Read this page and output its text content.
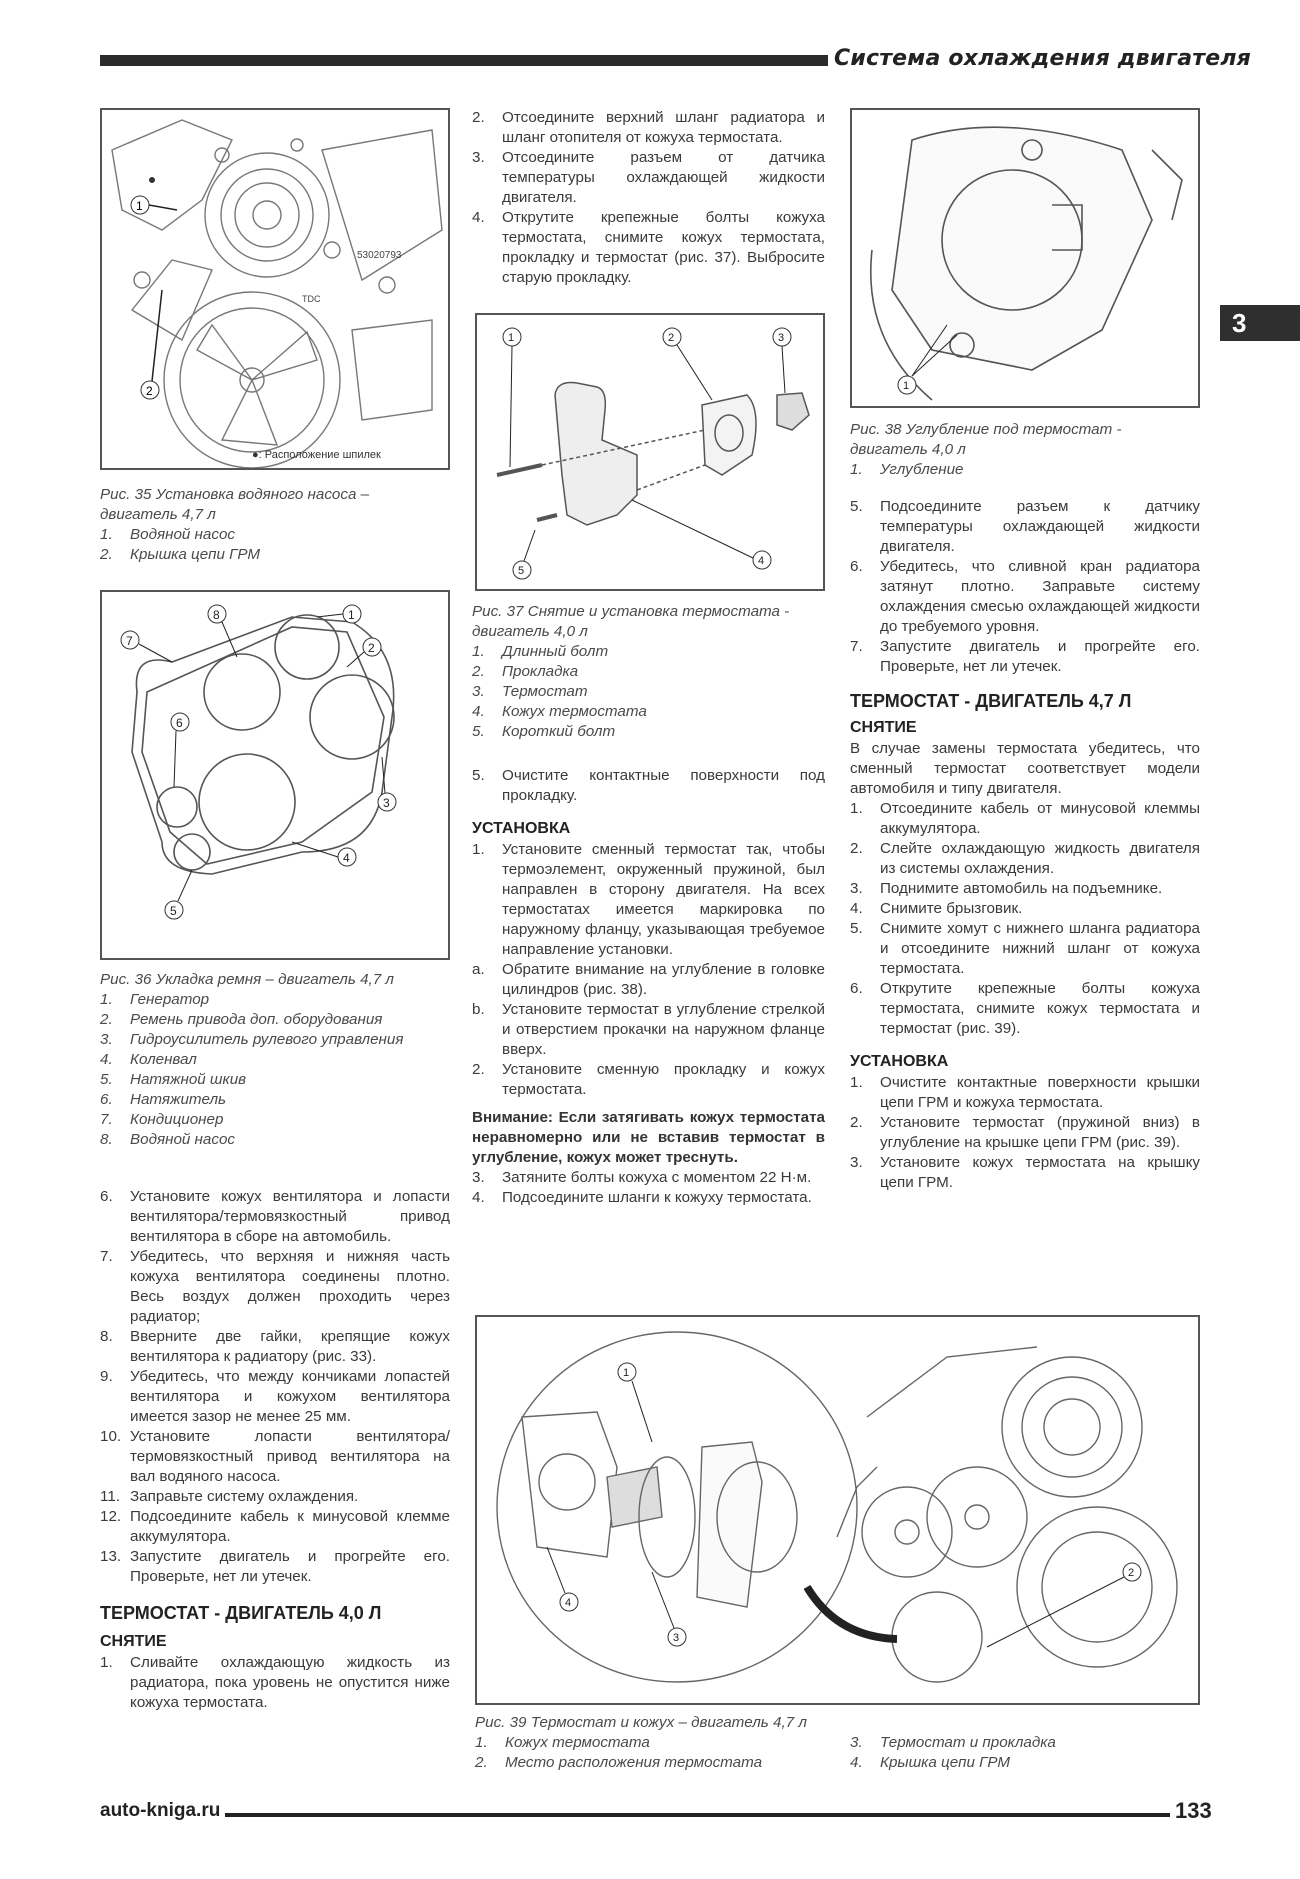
Система охлаждения двигателя
3
1
2
53020793
TDC
●: Расположение шпилек
Рис. 35 Установка водяного насоса – двигатель 4,7 л
1.	Водяной насос
2.	Крышка цепи ГРМ
7
8	1
2
6
3
4
5
Рис. 36 Укладка ремня – двигатель 4,7 л
1.	Генератор
2.	Ремень привода доп. оборудования
3.	Гидроусилитель рулевого управления
4.	Коленвал
5.	Натяжной шкив
6.	Натяжитель
7.	Кондиционер
8.	Водяной насос
6.	Установите кожух вентилятора и лопасти вентилятора/термовязкостный привод вентилятора в сборе на автомобиль.
7.	Убедитесь, что верхняя и нижняя часть кожуха вентилятора соединены плотно. Весь воздух должен проходить через радиатор;
8.	Вверните две гайки, крепящие кожух вентилятора к радиатору (рис. 33).
9.	Убедитесь, что между кончиками лопастей вентилятора и кожухом вентилятора имеется зазор не менее 25 мм.
10. Установите лопасти вентилятора/термовязкостный привод вентилятора на вал водяного насоса.
11. Заправьте систему охлаждения.
12. Подсоедините кабель к минусовой клемме аккумулятора.
13. Запустите двигатель и прогрейте его. Проверьте, нет ли утечек.
ТЕРМОСТАТ - ДВИГАТЕЛЬ 4,0 Л
СНЯТИЕ
1.	Сливайте охлаждающую жидкость из радиатора, пока уровень не опустится ниже кожуха термостата.
2.	Отсоедините верхний шланг радиатора и шланг отопителя от кожуха термостата.
3.	Отсоедините разъем от датчика температуры охлаждающей жидкости двигателя.
4.	Открутите крепежные болты кожуха термостата, снимите кожух термостата, прокладку и термостат (рис. 37). Выбросите старую прокладку.
1	2	3
4
5
Рис. 37 Снятие и установка термостата - двигатель 4,0 л
1.	Длинный болт
2.	Прокладка
3.	Термостат
4.	Кожух термостата
5.	Короткий болт
5.	Очистите контактные поверхности под прокладку.
УСТАНОВКА
1.	Установите сменный термостат так, чтобы термоэлемент, окруженный пружиной, был направлен в сторону двигателя. На всех термостатах имеется маркировка по наружному фланцу, указывающая требуемое направление установки.
a.	Обратите внимание на углубление в головке цилиндров (рис. 38).
b.	Установите термостат в углубление стрелкой и отверстием прокачки на наружном фланце вверх.
2.	Установите сменную прокладку и кожух термостата.
Внимание: Если затягивать кожух термостата неравномерно или не вставив термостат в углубление, кожух может треснуть.
3.	Затяните болты кожуха с моментом 22 Н·м.
4.	Подсоедините шланги к кожуху термостата.
1
Рис. 38 Углубление под термостат - двигатель 4,0 л
1.	Углубление
5.	Подсоедините разъем к датчику температуры охлаждающей жидкости двигателя.
6.	Убедитесь, что сливной кран радиатора затянут плотно. Заправьте систему охлаждения смесью охлаждающей жидкости до требуемого уровня.
7.	Запустите двигатель и прогрейте его. Проверьте, нет ли утечек.
ТЕРМОСТАТ - ДВИГАТЕЛЬ 4,7 Л
СНЯТИЕ
В случае замены термостата убедитесь, что сменный термостат соответствует модели автомобиля и типу двигателя.
1.	Отсоедините кабель от минусовой клеммы аккумулятора.
2.	Слейте охлаждающую жидкость двигателя из системы охлаждения.
3.	Поднимите автомобиль на подъемнике.
4.	Снимите брызговик.
5.	Снимите хомут с нижнего шланга радиатора и отсоедините нижний шланг от кожуха термостата.
6.	Открутите крепежные болты кожуха термостата, снимите кожух термостата и термостат (рис. 39).
УСТАНОВКА
1.	Очистите контактные поверхности крышки цепи ГРМ и кожуха термостата.
2.	Установите термостат (пружиной вниз) в углубление на крышке цепи ГРМ (рис. 39).
3.	Установите кожух термостата на крышку цепи ГРМ.
1
2
3
4
Рис. 39 Термостат и кожух – двигатель 4,7 л
1.	Кожух термостата
2.	Место расположения термостата
3.	Термостат и прокладка
4.	Крышка цепи ГРМ
auto-kniga.ru	133
